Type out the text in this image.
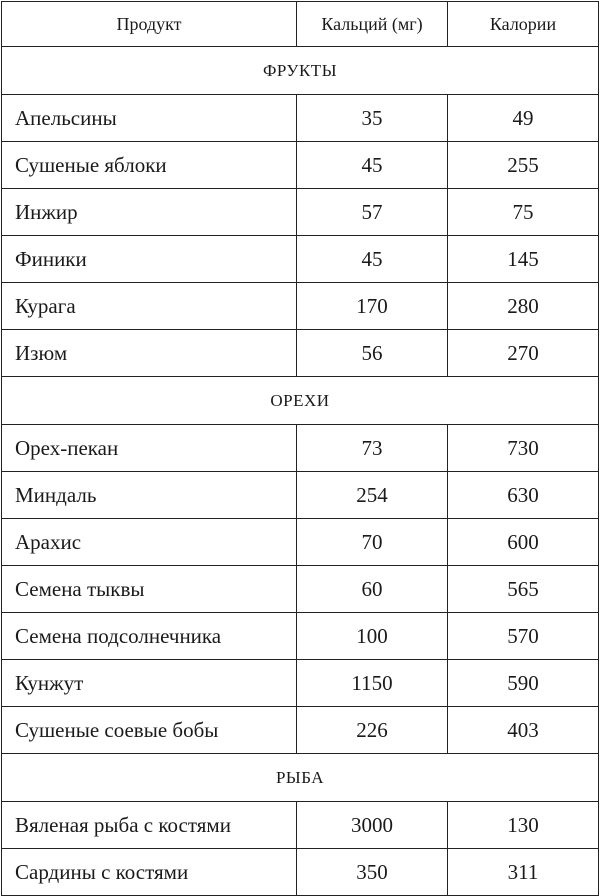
Продукт	Кальций (мг)	Калории
ФРУКТЫ		
Апельсины	35	49
Сушеные яблоки	45	255
Инжир	57	75
Финики	45	145
Курага	170	280
Изюм	56	270
ОРЕХИ		
Орех-пекан	73	730
Миндаль	254	630
Арахис	70	600
Семена тыквы	60	565
Семена подсолнечника	100	570
Кунжут	1150	590
Сушеные соевые бобы	226	403
РЫБА		
Вяленая рыба с костями	3000	130
Сардины с костями	350	311
